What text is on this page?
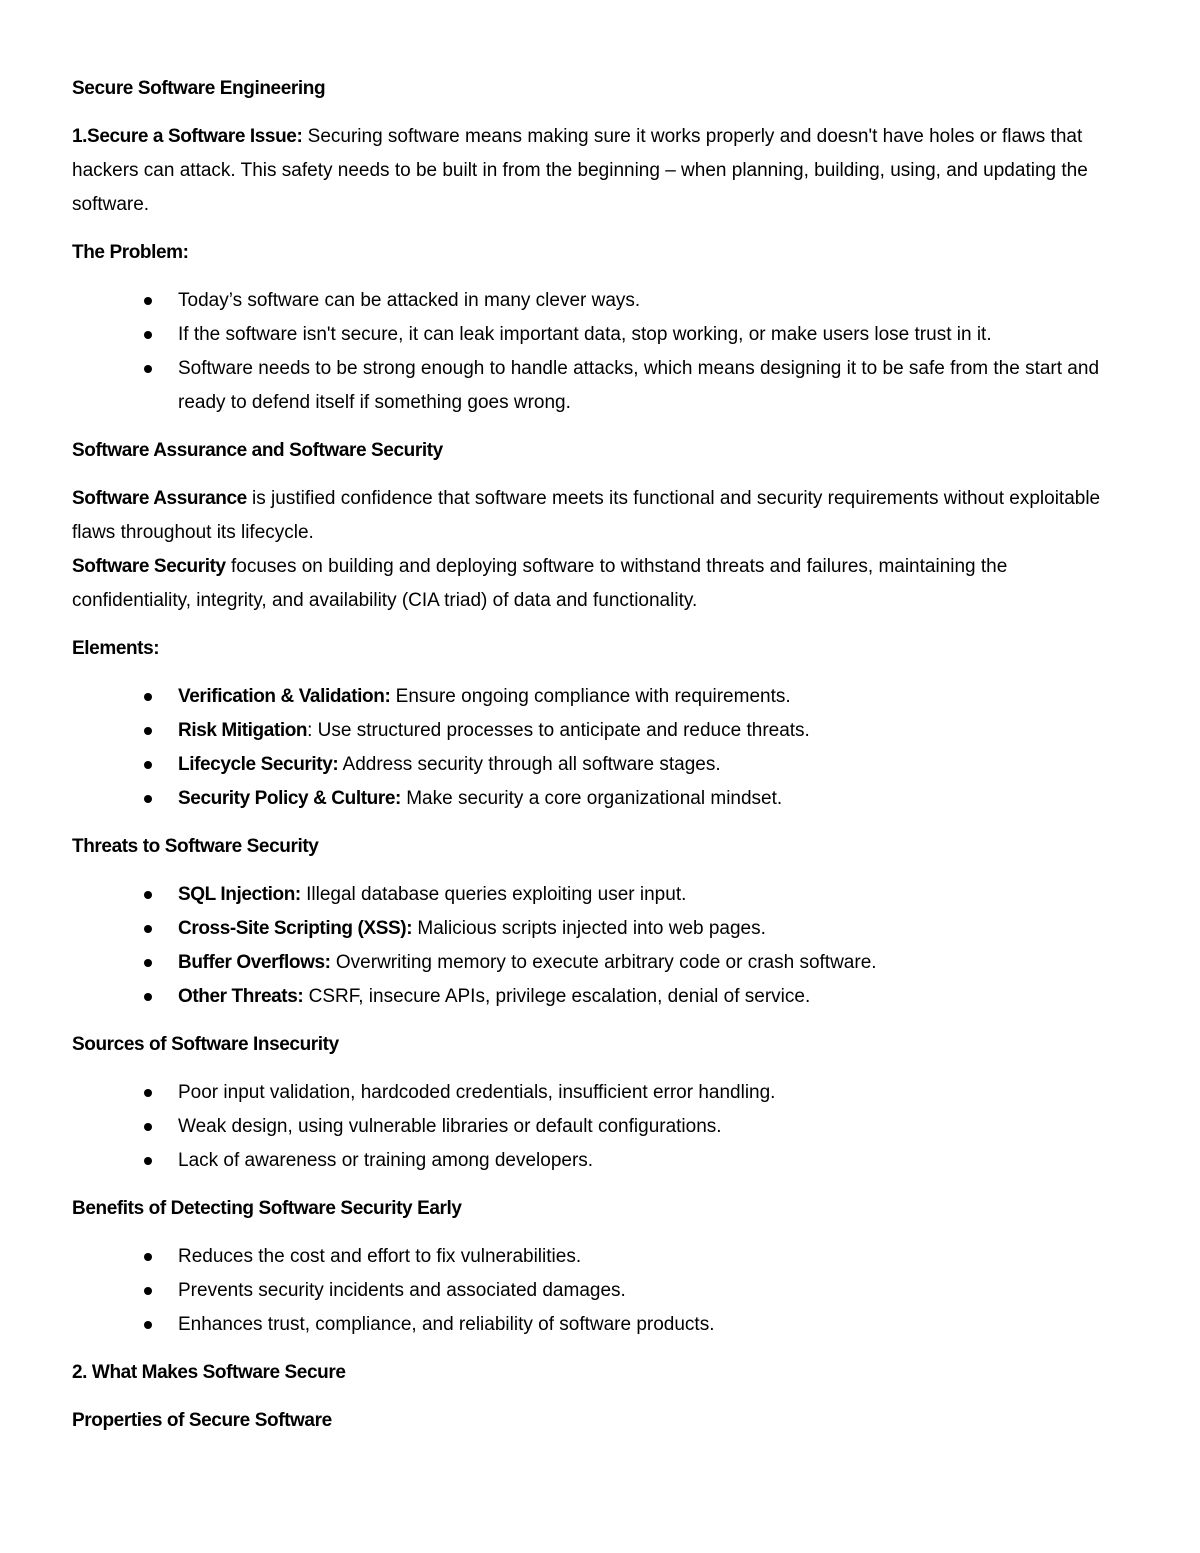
Secure Software Engineering

1.Secure a Software Issue: Securing software means making sure it works properly and doesn't have holes or flaws that hackers can attack. This safety needs to be built in from the beginning – when planning, building, using, and updating the software.

The Problem:

Today’s software can be attacked in many clever ways.
If the software isn't secure, it can leak important data, stop working, or make users lose trust in it.
Software needs to be strong enough to handle attacks, which means designing it to be safe from the start and ready to defend itself if something goes wrong.

Software Assurance and Software Security

Software Assurance is justified confidence that software meets its functional and security requirements without exploitable flaws throughout its lifecycle.

Software Security focuses on building and deploying software to withstand threats and failures, maintaining the confidentiality, integrity, and availability (CIA triad) of data and functionality.

Elements:

Verification & Validation: Ensure ongoing compliance with requirements.
Risk Mitigation: Use structured processes to anticipate and reduce threats.
Lifecycle Security: Address security through all software stages.
Security Policy & Culture: Make security a core organizational mindset.

Threats to Software Security

SQL Injection: Illegal database queries exploiting user input.
Cross-Site Scripting (XSS): Malicious scripts injected into web pages.
Buffer Overflows: Overwriting memory to execute arbitrary code or crash software.
Other Threats: CSRF, insecure APIs, privilege escalation, denial of service.

Sources of Software Insecurity

Poor input validation, hardcoded credentials, insufficient error handling.
Weak design, using vulnerable libraries or default configurations.
Lack of awareness or training among developers.

Benefits of Detecting Software Security Early

Reduces the cost and effort to fix vulnerabilities.
Prevents security incidents and associated damages.
Enhances trust, compliance, and reliability of software products.

2. What Makes Software Secure

Properties of Secure Software
